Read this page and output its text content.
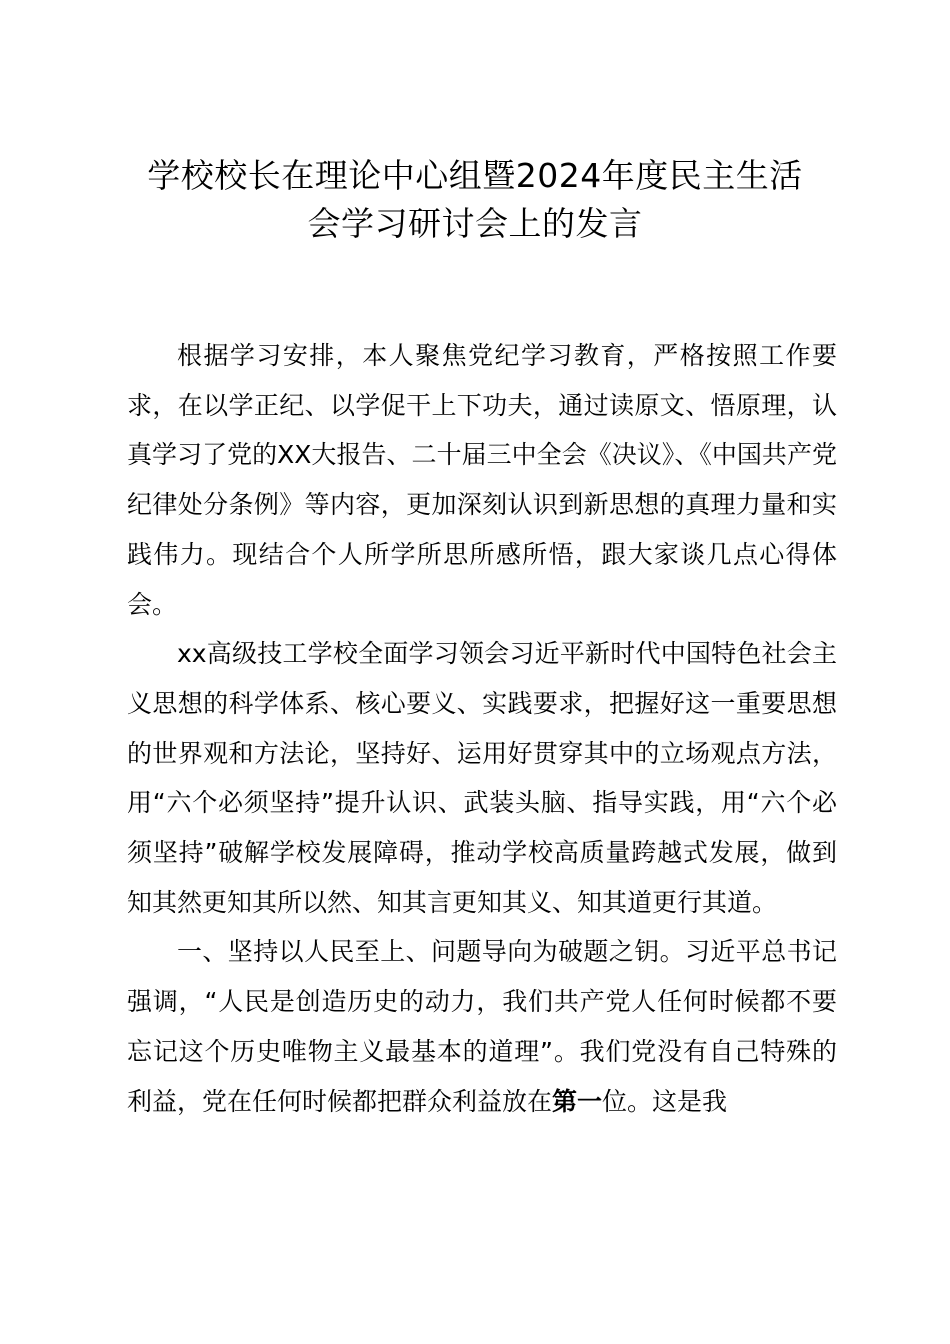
学校校长在理论中心组暨2024年度民主生活
会学习研讨会上的发言

根据学习安排，本人聚焦党纪学习教育，严格按照工作要求，在以学正纪、以学促干上下功夫，通过读原文、悟原理，认真学习了党的XX大报告、二十届三中全会《决议》、《中国共产党纪律处分条例》等内容，更加深刻认识到新思想的真理力量和实践伟力。现结合个人所学所思所感所悟，跟大家谈几点心得体会。

xx高级技工学校全面学习领会习近平新时代中国特色社会主义思想的科学体系、核心要义、实践要求，把握好这一重要思想的世界观和方法论，坚持好、运用好贯穿其中的立场观点方法，用“六个必须坚持”提升认识、武装头脑、指导实践，用“六个必须坚持”破解学校发展障碍，推动学校高质量跨越式发展，做到知其然更知其所以然、知其言更知其义、知其道更行其道。

一、坚持以人民至上、问题导向为破题之钥。习近平总书记强调，“人民是创造历史的动力，我们共产党人任何时候都不要忘记这个历史唯物主义最基本的道理”。我们党没有自己特殊的利益，党在任何时候都把群众利益放在第一位。这是我
